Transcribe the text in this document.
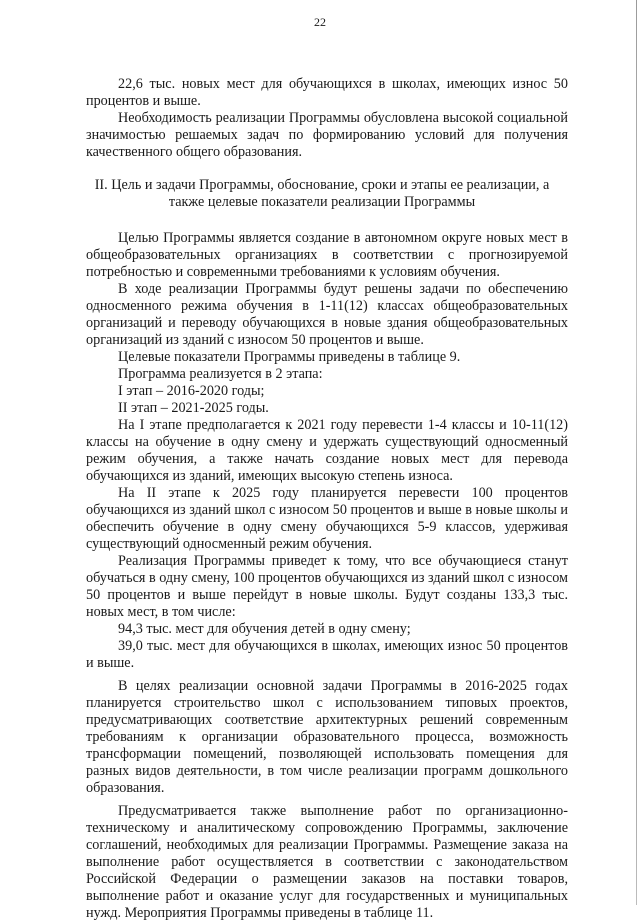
22

22,6 тыс. новых мест для обучающихся в школах, имеющих износ 50 процентов и выше.

Необходимость реализации Программы обусловлена высокой социальной значимостью решаемых задач по формированию условий для получения качественного общего образования.

II. Цель и задачи Программы, обоснование, сроки и этапы ее реализации, а также целевые показатели реализации Программы

Целью Программы является создание в автономном округе новых мест в общеобразовательных организациях в соответствии с прогнозируемой потребностью и современными требованиями к условиям обучения.

В ходе реализации Программы будут решены задачи по обеспечению односменного режима обучения в 1-11(12) классах общеобразовательных организаций и переводу обучающихся в новые здания общеобразовательных организаций из зданий с износом 50 процентов и выше.

Целевые показатели Программы приведены в таблице 9.

Программа реализуется в 2 этапа:

I этап – 2016-2020 годы;

II этап – 2021-2025 годы.

На I этапе предполагается к 2021 году перевести 1-4 классы и 10-11(12) классы на обучение в одну смену и удержать существующий односменный режим обучения, а также начать создание новых мест для перевода обучающихся из зданий, имеющих высокую степень износа.

На II этапе к 2025 году планируется перевести 100 процентов обучающихся из зданий школ с износом 50 процентов и выше в новые школы и обеспечить обучение в одну смену обучающихся 5-9 классов, удерживая существующий односменный режим обучения.

Реализация Программы приведет к тому, что все обучающиеся станут обучаться в одну смену, 100 процентов обучающихся из зданий школ с износом 50 процентов и выше перейдут в новые школы. Будут созданы 133,3 тыс. новых мест, в том числе:

94,3 тыс. мест для обучения детей в одну смену;

39,0 тыс. мест для обучающихся в школах, имеющих износ 50 процентов и выше.

В целях реализации основной задачи Программы в 2016-2025 годах планируется строительство школ с использованием типовых проектов, предусматривающих соответствие архитектурных решений современным требованиям к организации образовательного процесса, возможность трансформации помещений, позволяющей использовать помещения для разных видов деятельности, в том числе реализации программ дошкольного образования.

Предусматривается также выполнение работ по организационно-техническому и аналитическому сопровождению Программы, заключение соглашений, необходимых для реализации Программы. Размещение заказа на выполнение работ осуществляется в соответствии с законодательством Российской Федерации о размещении заказов на поставки товаров, выполнение работ и оказание услуг для государственных и муниципальных нужд. Мероприятия Программы приведены в таблице 11.
